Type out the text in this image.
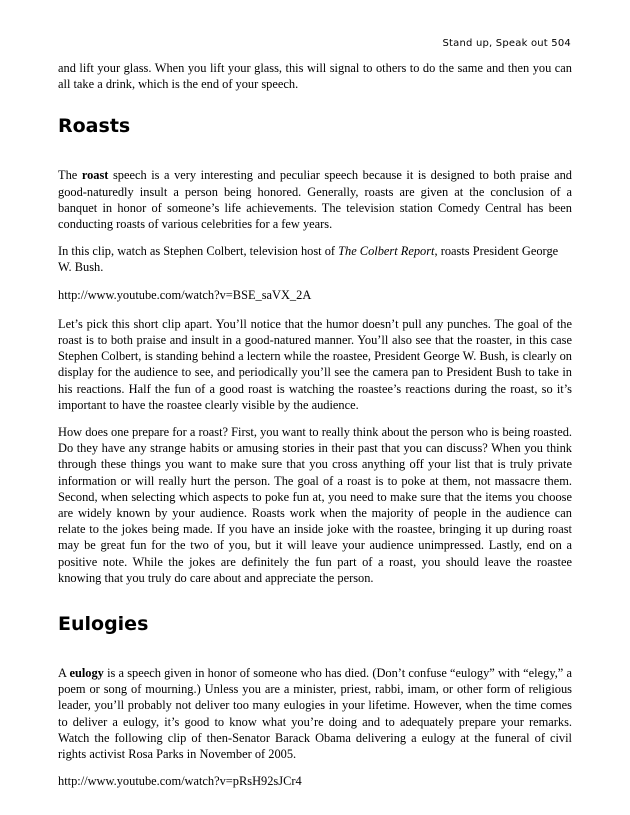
Stand up, Speak out 504

and lift your glass. When you lift your glass, this will signal to others to do the same and then you can all take a drink, which is the end of your speech.

Roasts

The roast speech is a very interesting and peculiar speech because it is designed to both praise and good-naturedly insult a person being honored. Generally, roasts are given at the conclusion of a banquet in honor of someone’s life achievements. The television station Comedy Central has been conducting roasts of various celebrities for a few years.

In this clip, watch as Stephen Colbert, television host of The Colbert Report, roasts President George W. Bush.

http://www.youtube.com/watch?v=BSE_saVX_2A

Let’s pick this short clip apart. You’ll notice that the humor doesn’t pull any punches. The goal of the roast is to both praise and insult in a good-natured manner. You’ll also see that the roaster, in this case Stephen Colbert, is standing behind a lectern while the roastee, President George W. Bush, is clearly on display for the audience to see, and periodically you’ll see the camera pan to President Bush to take in his reactions. Half the fun of a good roast is watching the roastee’s reactions during the roast, so it’s important to have the roastee clearly visible by the audience.

How does one prepare for a roast? First, you want to really think about the person who is being roasted. Do they have any strange habits or amusing stories in their past that you can discuss? When you think through these things you want to make sure that you cross anything off your list that is truly private information or will really hurt the person. The goal of a roast is to poke at them, not massacre them. Second, when selecting which aspects to poke fun at, you need to make sure that the items you choose are widely known by your audience. Roasts work when the majority of people in the audience can relate to the jokes being made. If you have an inside joke with the roastee, bringing it up during roast may be great fun for the two of you, but it will leave your audience unimpressed. Lastly, end on a positive note. While the jokes are definitely the fun part of a roast, you should leave the roastee knowing that you truly do care about and appreciate the person.

Eulogies

A eulogy is a speech given in honor of someone who has died. (Don’t confuse “eulogy” with “elegy,” a poem or song of mourning.) Unless you are a minister, priest, rabbi, imam, or other form of religious leader, you’ll probably not deliver too many eulogies in your lifetime. However, when the time comes to deliver a eulogy, it’s good to know what you’re doing and to adequately prepare your remarks. Watch the following clip of then-Senator Barack Obama delivering a eulogy at the funeral of civil rights activist Rosa Parks in November of 2005.

http://www.youtube.com/watch?v=pRsH92sJCr4
